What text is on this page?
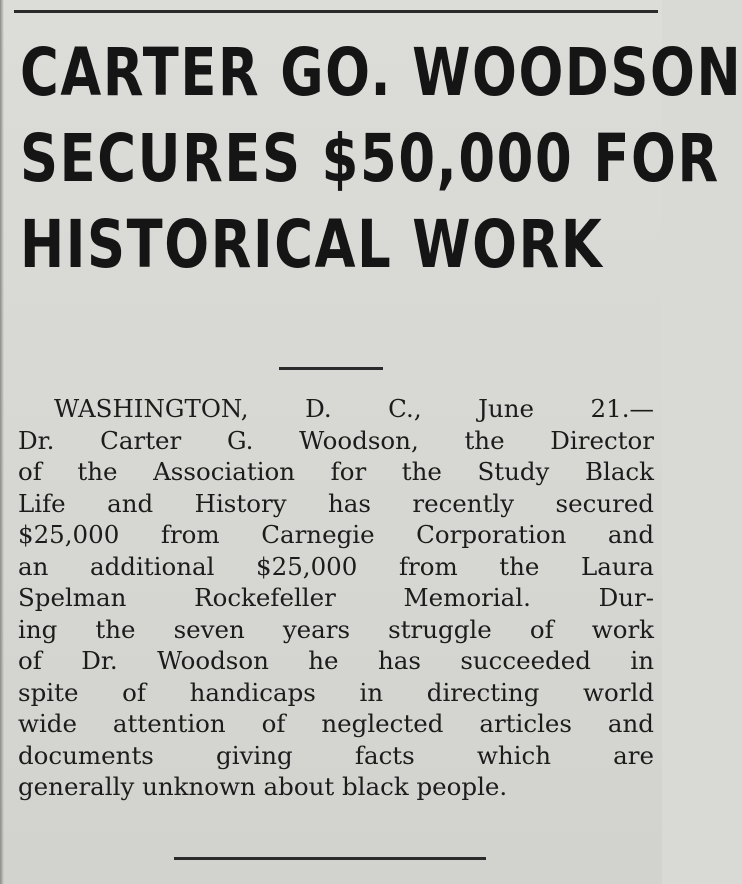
CARTER GO. WOODSON
SECURES $50,000 FOR
HISTORICAL WORK
WASHINGTON, D. C., June 21.—
Dr. Carter G. Woodson, the Director
of the Association for the Study Black
Life and History has recently secured
$25,000 from Carnegie Corporation and
an additional $25,000 from the Laura
Spelman Rockefeller Memorial. Dur-
ing the seven years struggle of work
of Dr. Woodson he has succeeded in
spite of handicaps in directing world
wide attention of neglected articles and
documents giving facts which are
generally unknown about black people.
